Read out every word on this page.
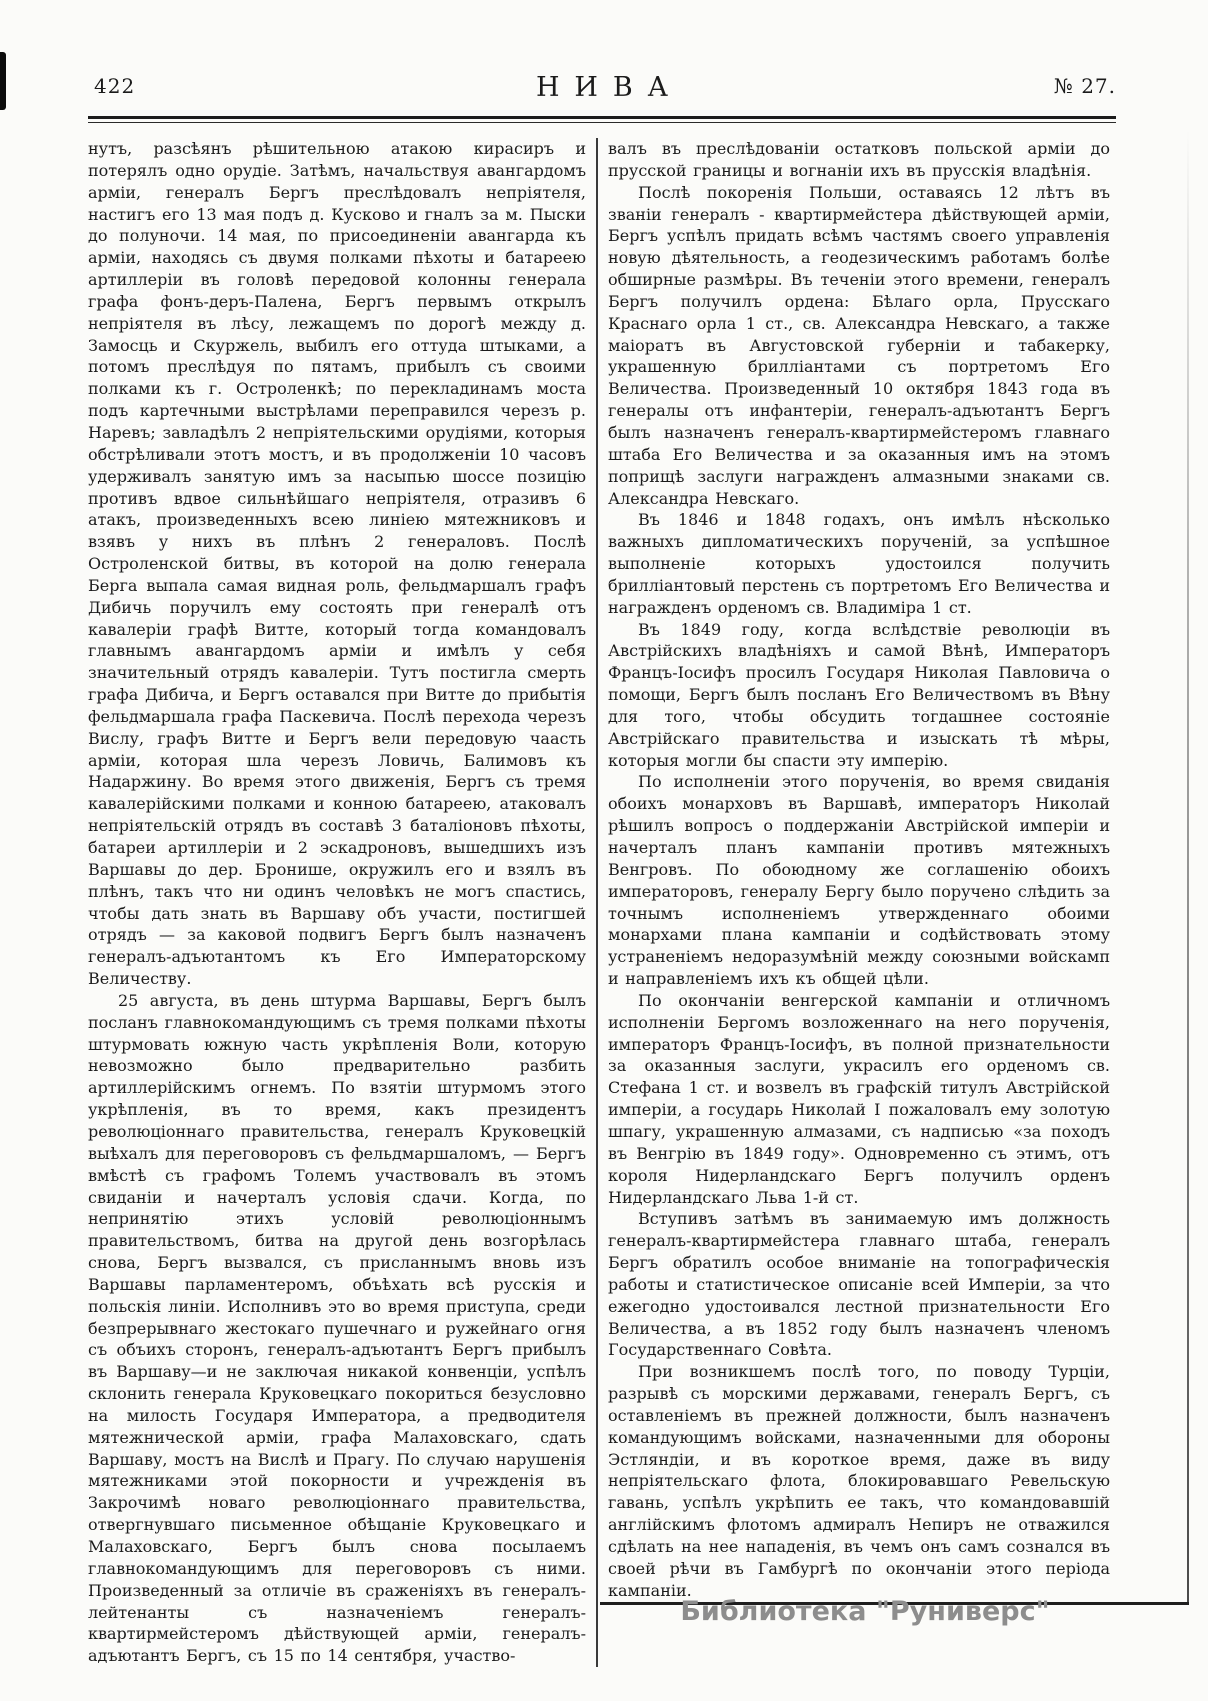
422	НИВА	№ 27.

нутъ, разсѣянъ рѣшительною атакою кирасиръ и потерялъ одно орудіе. Затѣмъ, начальствуя авангардомъ арміи, генералъ Бергъ преслѣдовалъ непріятеля, настигъ его 13 мая подъ д. Кусково и гналъ за м. Пыски до полуночи. 14 мая, по присоединеніи авангарда къ арміи, находясь съ двумя полками пѣхоты и батареею артиллеріи въ головѣ передовой колонны генерала графа фонъ-деръ-Палена, Бергъ первымъ открылъ непріятеля въ лѣсу, лежащемъ по дорогѣ между д. Замосць и Скуржель, выбилъ его оттуда штыками, а потомъ преслѣдуя по пятамъ, прибылъ съ своими полками къ г. Остроленкѣ; по перекладинамъ моста подъ картечными выстрѣлами переправился черезъ р. Наревъ; завладѣлъ 2 непріятельскими орудіями, которыя обстрѣливали этотъ мостъ, и въ продолженіи 10 часовъ удерживалъ занятую имъ за насыпью шоссе позицію противъ вдвое сильнѣйшаго непріятеля, отразивъ 6 атакъ, произведенныхъ всею линіею мятежниковъ и взявъ у нихъ въ плѣнъ 2 генераловъ. Послѣ Остроленской битвы, въ которой на долю генерала Берга выпала самая видная роль, фельдмаршалъ графъ Дибичь поручилъ ему состоять при генералѣ отъ кавалеріи графѣ Витте, который тогда командовалъ главнымъ авангардомъ арміи и имѣлъ у себя значительный отрядъ кавалеріи. Тутъ постигла смерть графа Дибича, и Бергъ оставался при Витте до прибытія фельдмаршала графа Паскевича. Послѣ перехода черезъ Вислу, графъ Витте и Бергъ вели передовую чаасть арміи, которая шла черезъ Ловичь, Балимовъ къ Надаржину. Во время этого движенія, Бергъ съ тремя кавалерійскими полками и конною батареею, атаковалъ непріятельскій отрядъ въ составѣ 3 баталіоновъ пѣхоты, батареи артиллеріи и 2 эскадроновъ, вышедшихъ изъ Варшавы до дер. Бронише, окружилъ его и взялъ въ плѣнъ, такъ что ни одинъ человѣкъ не могъ спастись, чтобы дать знать въ Варшаву объ участи, постигшей отрядъ — за каковой подвигъ Бергъ былъ назначенъ генералъ-адъютантомъ къ Его Императорскому Величеству.

25 августа, въ день штурма Варшавы, Бергъ былъ посланъ главнокомандующимъ съ тремя полками пѣхоты штурмовать южную часть укрѣпленія Воли, которую невозможно было предварительно разбить артиллерійскимъ огнемъ. По взятіи штурмомъ этого укрѣпленія, въ то время, какъ президентъ революціоннаго правительства, генералъ Круковецкій выѣхалъ для переговоровъ съ фельдмаршаломъ, — Бергъ вмѣстѣ съ графомъ Толемъ участвовалъ въ этомъ свиданіи и начерталъ условія сдачи. Когда, по непринятію этихъ условій революціоннымъ правительствомъ, битва на другой день возгорѣлась снова, Бергъ вызвался, съ присланнымъ вновь изъ Варшавы парламентеромъ, объѣхать всѣ русскія и польскія линіи. Исполнивъ это во время приступа, среди безпрерывнаго жестокаго пушечнаго и ружейнаго огня съ объихъ сторонъ, генералъ-адъютантъ Бергъ прибылъ въ Варшаву—и не заключая никакой конвенціи, успѣлъ склонить генерала Круковецкаго покориться безусловно на милость Государя Императора, а предводителя мятежнической арміи, графа Малаховскаго, сдать Варшаву, мостъ на Вислѣ и Прагу. По случаю нарушенія мятежниками этой покорности и учрежденія въ Закрочимѣ новаго революціоннаго правительства, отвергнувшаго письменное обѣщаніе Круковецкаго и Малаховскаго, Бергъ былъ снова посылаемъ главнокомандующимъ для переговоровъ съ ними. Произведенный за отличіе въ сраженіяхъ въ генералъ-лейтенанты съ назначеніемъ генералъ-квартирмейстеромъ дѣйствующей арміи, генералъ-адъютантъ Бергъ, съ 15 по 14 сентября, участво-

валъ въ преслѣдованіи остатковъ польской арміи до прусской границы и вогнаніи ихъ въ прусскія владѣнія.

Послѣ покоренія Польши, оставаясь 12 лѣтъ въ званіи генералъ - квартирмейстера дѣйствующей арміи, Бергъ успѣлъ придать всѣмъ частямъ своего управленія новую дѣятельность, а геодезическимъ работамъ болѣе обширные размѣры. Въ теченіи этого времени, генералъ Бергъ получилъ ордена: Бѣлаго орла, Прусскаго Краснаго орла 1 ст., св. Александра Невскаго, а также маіоратъ въ Августовской губерніи и табакерку, украшенную брилліантами съ портретомъ Его Величества. Произведенный 10 октября 1843 года въ генералы отъ инфантеріи, генералъ-адъютантъ Бергъ былъ назначенъ генералъ-квартирмейстеромъ главнаго штаба Его Величества и за оказанныя имъ на этомъ поприщѣ заслуги награжденъ алмазными знаками св. Александра Невскаго.

Въ 1846 и 1848 годахъ, онъ имѣлъ нѣсколько важныхъ дипломатическихъ порученій, за успѣшное выполненіе которыхъ удостоился получить брилліантовый перстень съ портретомъ Его Величества и награжденъ орденомъ св. Владиміра 1 ст.

Въ 1849 году, когда вслѣдствіе революціи въ Австрійскихъ владѣніяхъ и самой Вѣнѣ, Императоръ Францъ-Іосифъ просилъ Государя Николая Павловича о помощи, Бергъ былъ посланъ Его Величествомъ въ Вѣну для того, чтобы обсудить тогдашнее состояніе Австрійскаго правительства и изыскать тѣ мѣры, которыя могли бы спасти эту имперію.

По исполненіи этого порученія, во время свиданія обоихъ монарховъ въ Варшавѣ, императоръ Николай рѣшилъ вопросъ о поддержаніи Австрійской имперіи и начерталъ планъ кампаніи противъ мятежныхъ Венгровъ. По обоюдному же соглашенію обоихъ императоровъ, генералу Бергу было поручено слѣдить за точнымъ исполненіемъ утвержденнаго обоими монархами плана кампаніи и содѣйствовать этому устраненіемъ недоразумѣній между союзными войскамп и направленіемъ ихъ къ общей цѣли.

По окончаніи венгерской кампаніи и отличномъ исполненіи Бергомъ возложеннаго на него порученія, императоръ Францъ-Іосифъ, въ полной признательности за оказанныя заслуги, украсилъ его орденомъ св. Стефана 1 ст. и возвелъ въ графскій титулъ Австрійской имперіи, а государь Николай I пожаловалъ ему золотую шпагу, украшенную алмазами, съ надписью «за походъ въ Венгрію въ 1849 году». Одновременно съ этимъ, отъ короля Нидерландскаго Бергъ получилъ орденъ Нидерландскаго Льва 1-й ст.

Вступивъ затѣмъ въ занимаемую имъ должность генералъ-квартирмейстера главнаго штаба, генералъ Бергъ обратилъ особое вниманіе на топографическія работы и статистическое описаніе всей Имперіи, за что ежегодно удостоивался лестной признательности Его Величества, а въ 1852 году былъ назначенъ членомъ Государственнаго Совѣта.

При возникшемъ послѣ того, по поводу Турціи, разрывѣ съ морскими державами, генералъ Бергъ, съ оставленіемъ въ прежней должности, былъ назначенъ командующимъ войсками, назначенными для обороны Эстляндіи, и въ короткое время, даже въ виду непріятельскаго флота, блокировавшаго Ревельскую гавань, успѣлъ укрѣпить ее такъ, что командовавшій англійскимъ флотомъ адмиралъ Непиръ не отважился сдѣлать на нее нападенія, въ чемъ онъ самъ сознался въ своей рѣчи въ Гамбургѣ по окончаніи этого періода кампаніи.

Библиотека "Руниверс"
